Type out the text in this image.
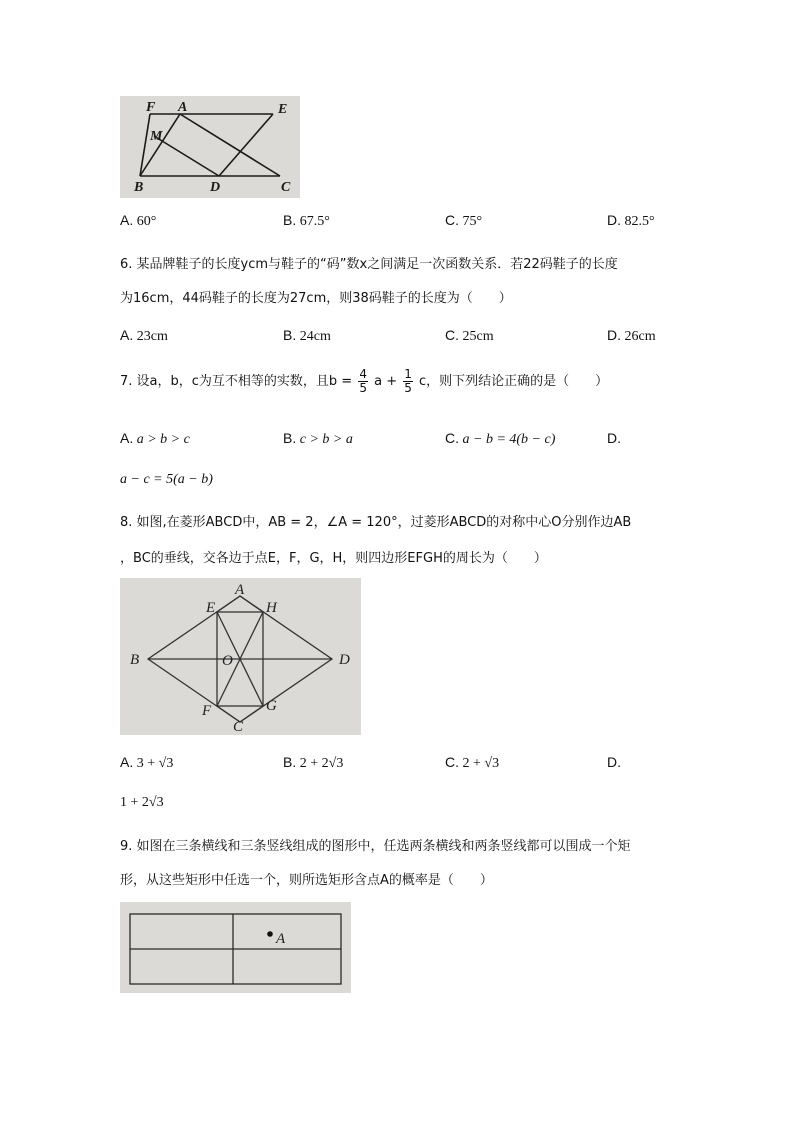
F A	E
M
B	D	C
A. 60°	B. 67.5°	C. 75°	D. 82.5°
6. 某品牌鞋子的长度ycm与鞋子的“码”数x之间满足一次函数关系．若22码鞋子的长度
为16cm，44码鞋子的长度为27cm，则38码鞋子的长度为（　　）
A. 23cm	B. 24cm	C. 25cm	D. 26cm
7. 设a，b，c为互不相等的实数，且$b = \frac{4}{5}$ $a + \frac{1}{5}$ c，则下列结论正确的是（　　）
A. a > b > c	B. c > b > a	C. a − b = 4(b − c)	D.
a − c = 5(a − b)
8. 如图,在菱形ABCD中，AB = 2，∠A = 120°，过菱形ABCD的对称中心O分别作边AB
，BC的垂线，交各边于点E，F，G，H，则四边形EFGH的周长为（　　）
E
A
H
B	O	D
F
C
G
A. 3 + √3	B. 2 + 2√3	C. 2 + √3	D.
1 + 2√3
9. 如图在三条横线和三条竖线组成的图形中，任选两条横线和两条竖线都可以围成一个矩
形，从这些矩形中任选一个，则所选矩形含点A的概率是（　　）
A
